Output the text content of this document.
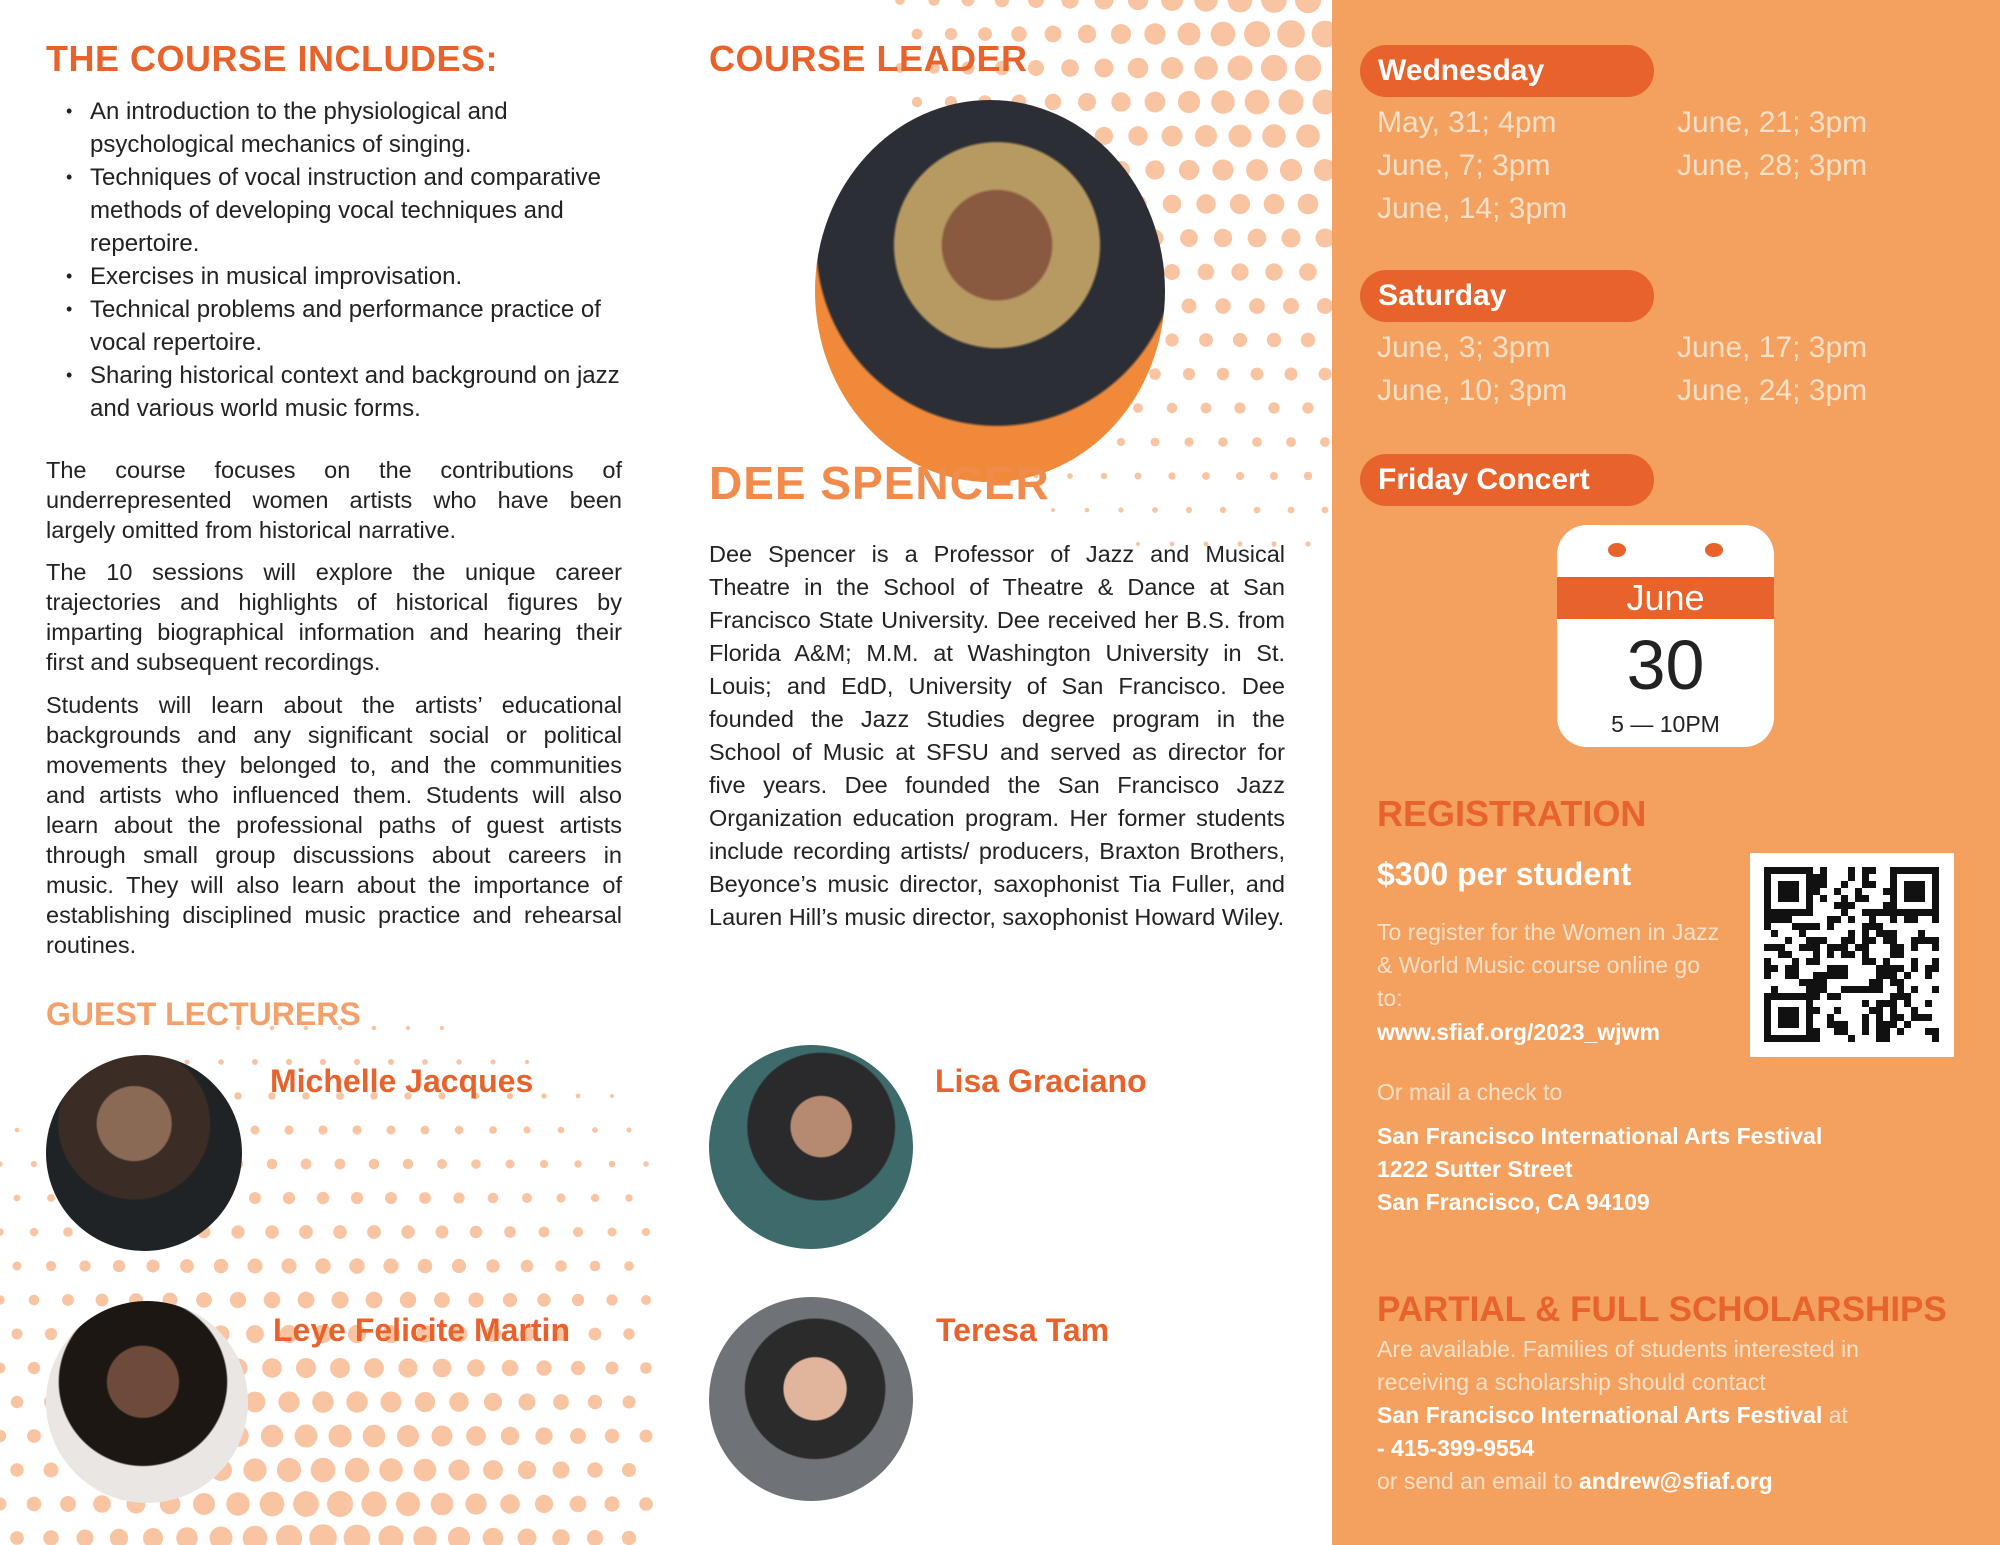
THE COURSE INCLUDES:
• An introduction to the physiological and psychological mechanics of singing.
• Techniques of vocal instruction and comparative methods of developing vocal techniques and repertoire.
• Exercises in musical improvisation.
• Technical problems and performance practice of vocal repertoire.
• Sharing historical context and background on jazz and various world music forms.

The course focuses on the contributions of underrepresented women artists who have been largely omitted from historical narrative.

The 10 sessions will explore the unique career trajectories and highlights of historical figures by imparting biographical information and hearing their first and subsequent recordings.

Students will learn about the artists’ educational backgrounds and any significant social or political movements they belonged to, and the communities and artists who influenced them. Students will also learn about the professional paths of guest artists through small group discussions about careers in music. They will also learn about the importance of establishing disciplined music practice and rehearsal routines.

GUEST LECTURERS
Michelle Jacques
Leye Felicite Martin
Lisa Graciano
Teresa Tam
COURSE LEADER
DEE SPENCER

Dee Spencer is a Professor of Jazz and Musical Theatre in the School of Theatre & Dance at San Francisco State University. Dee received her B.S. from Florida A&M; M.M. at Washington University in St. Louis; and EdD, University of San Francisco. Dee founded the Jazz Studies degree program in the School of Music at SFSU and served as director for five years. Dee founded the San Francisco Jazz Organization education program. Her former students include recording artists/ producers, Braxton Brothers, Beyonce’s music director, saxophonist Tia Fuller, and Lauren Hill’s music director, saxophonist Howard Wiley.

Wednesday
May, 31; 4pm
June, 7; 3pm
June, 14; 3pm
June, 21; 3pm
June, 28; 3pm
Saturday
June, 3; 3pm
June, 10; 3pm
June, 17; 3pm
June, 24; 3pm
Friday Concert
June
30
5 — 10PM
REGISTRATION
$300 per student

To register for the Women in Jazz & World Music course online go to:

www.sfiaf.org/2023_wjwm

Or mail a check to

San Francisco International Arts Festival
1222 Sutter Street
San Francisco, CA 94109
PARTIAL & FULL SCHOLARSHIPS
Are available. Families of students interested in
receiving a scholarship should contact
San Francisco International Arts Festival at
- 415-399-9554
or send an email to andrew@sfiaf.org
